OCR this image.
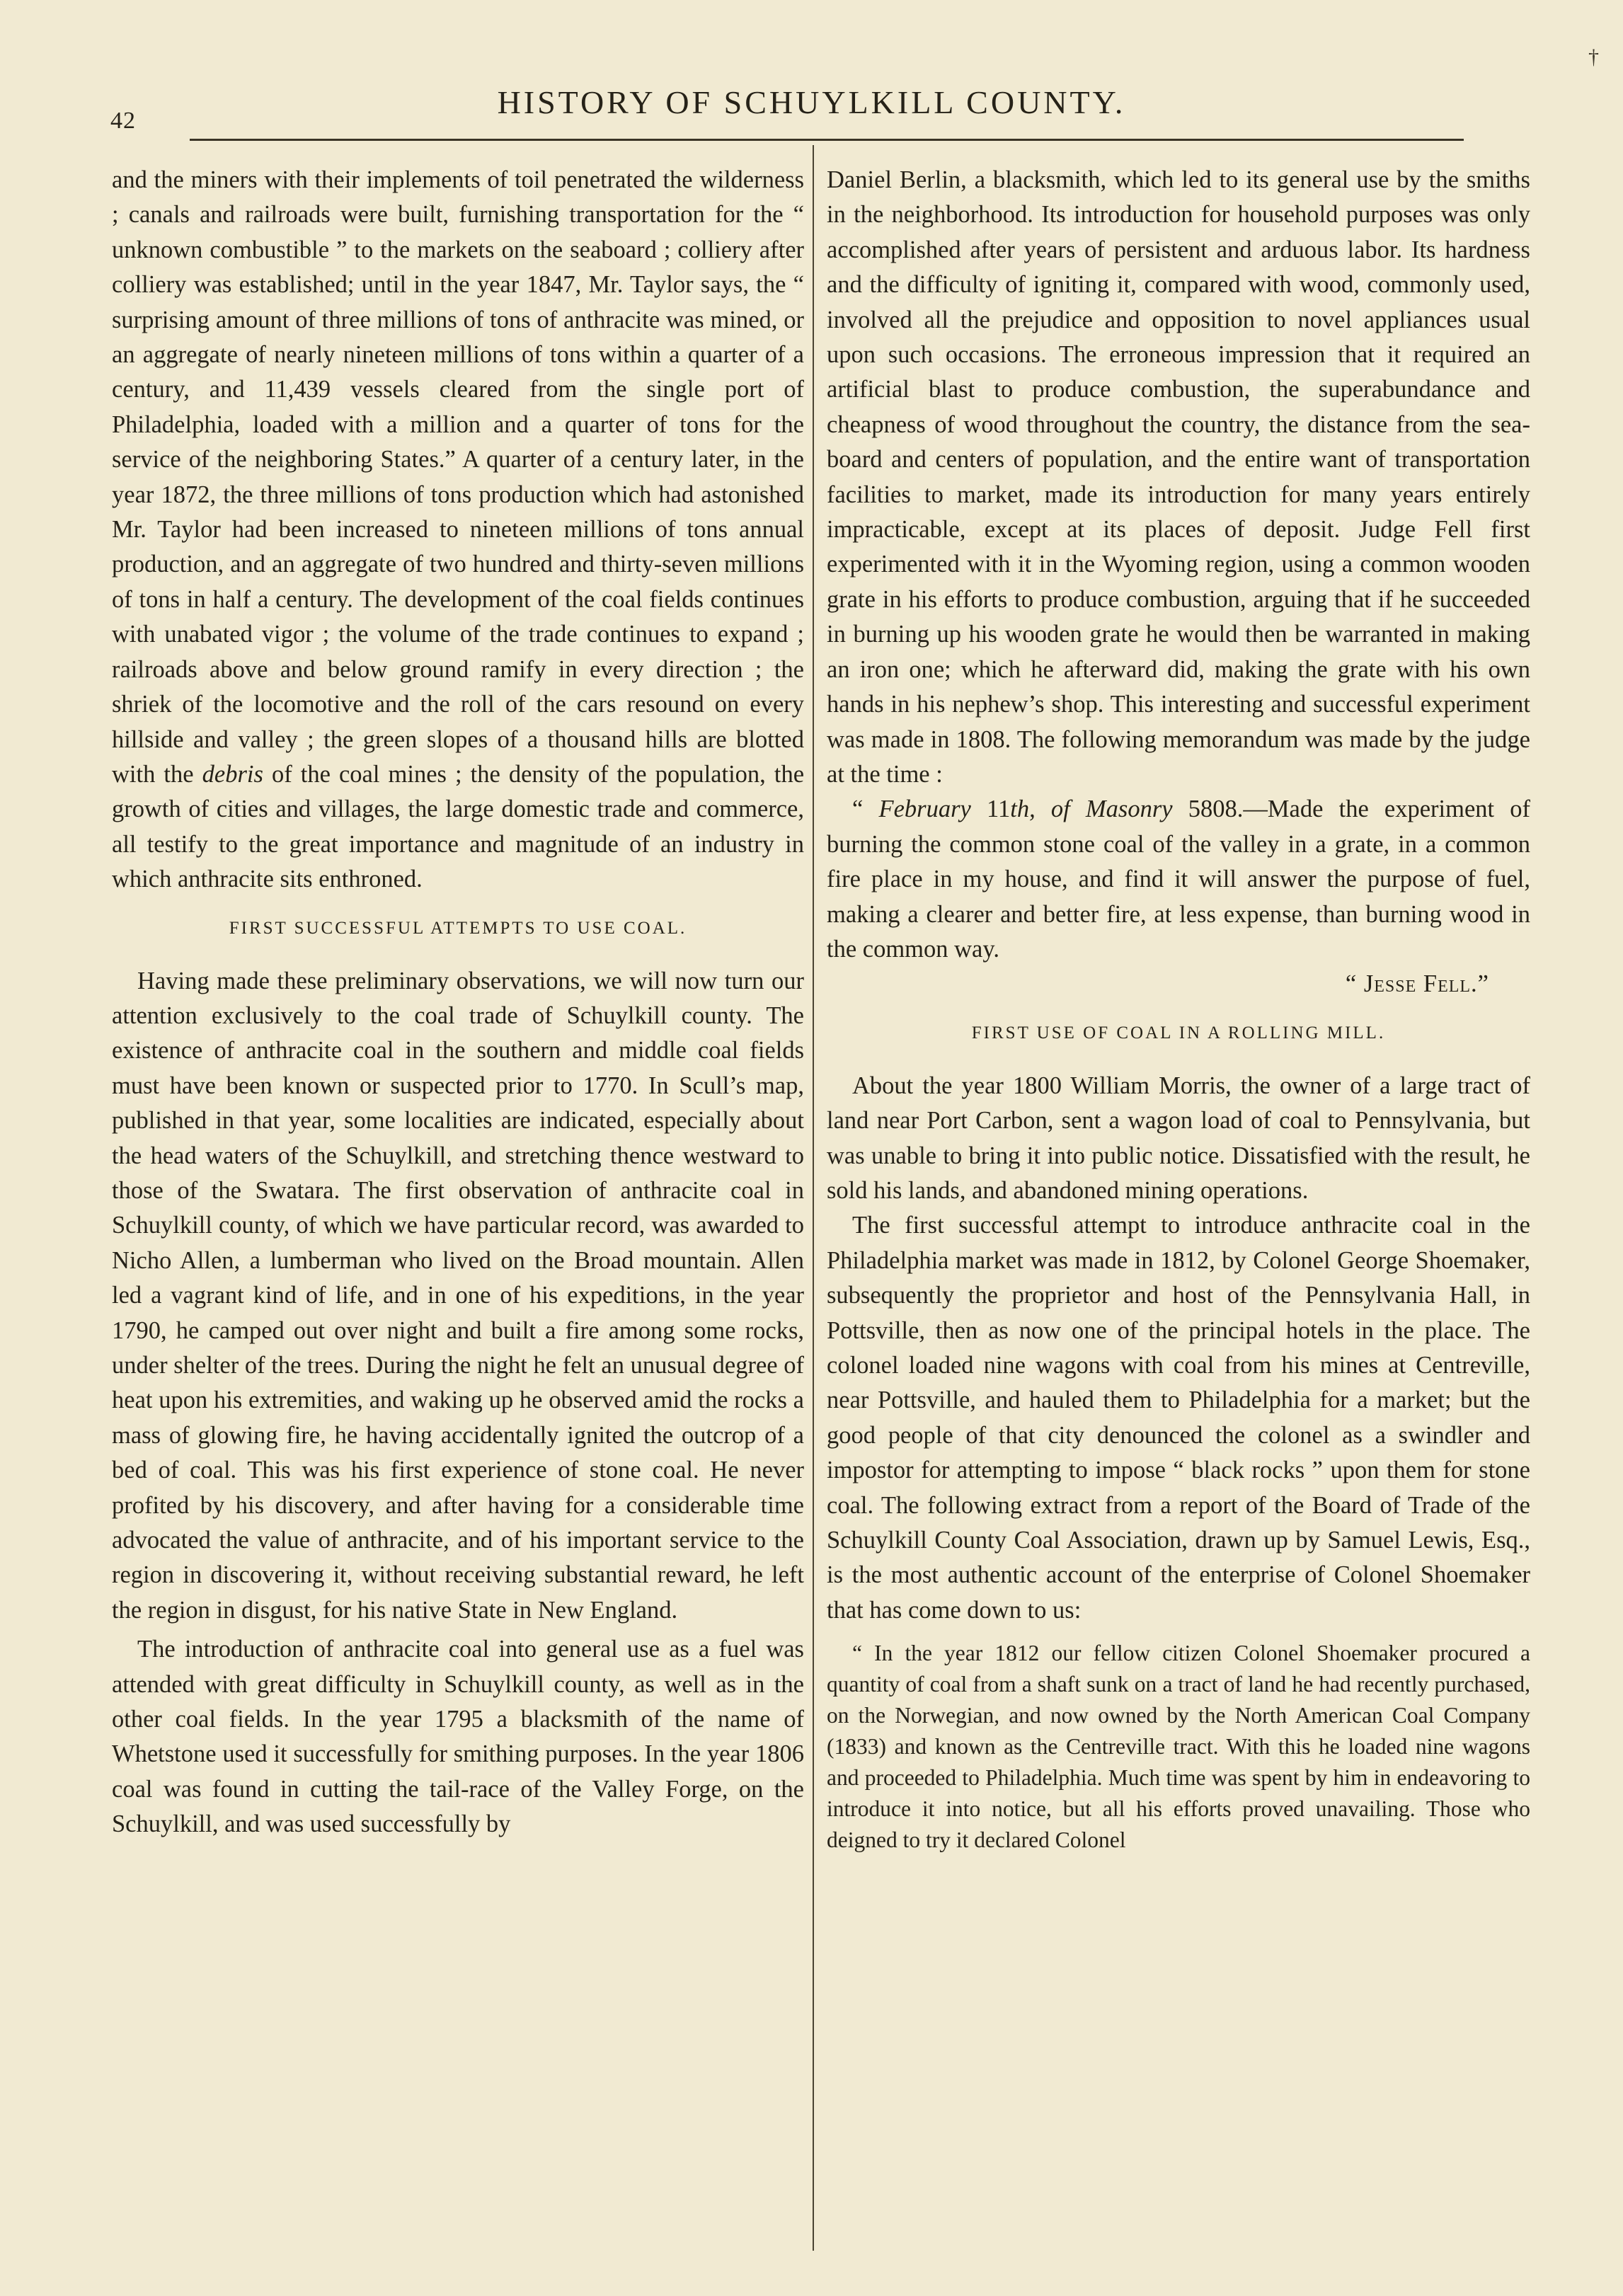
†
42
HISTORY OF SCHUYLKILL COUNTY.

and the miners with their implements of toil penetrated the wilderness ; canals and railroads were built, furnishing transportation for the “ unknown combustible ” to the markets on the seaboard ; colliery after colliery was established; until in the year 1847, Mr. Taylor says, the “ surprising amount of three millions of tons of anthracite was mined, or an aggregate of nearly nineteen millions of tons within a quarter of a century, and 11,439 vessels cleared from the single port of Philadelphia, loaded with a million and a quarter of tons for the service of the neighboring States.” A quarter of a century later, in the year 1872, the three millions of tons production which had astonished Mr. Taylor had been increased to nineteen millions of tons annual production, and an aggregate of two hundred and thirty-seven millions of tons in half a century. The development of the coal fields continues with unabated vigor ; the volume of the trade continues to expand ; railroads above and below ground ramify in every direction ; the shriek of the locomotive and the roll of the cars resound on every hillside and valley ; the green slopes of a thousand hills are blotted with the debris of the coal mines ; the density of the population, the growth of cities and villages, the large domestic trade and commerce, all testify to the great importance and magnitude of an industry in which anthracite sits enthroned.

FIRST SUCCESSFUL ATTEMPTS TO USE COAL.

Having made these preliminary observations, we will now turn our attention exclusively to the coal trade of Schuylkill county. The existence of anthracite coal in the southern and middle coal fields must have been known or suspected prior to 1770. In Scull’s map, published in that year, some localities are indicated, especially about the head waters of the Schuylkill, and stretching thence westward to those of the Swatara. The first observation of anthracite coal in Schuylkill county, of which we have particular record, was awarded to Nicho Allen, a lumberman who lived on the Broad mountain. Allen led a vagrant kind of life, and in one of his expeditions, in the year 1790, he camped out over night and built a fire among some rocks, under shelter of the trees. During the night he felt an unusual degree of heat upon his extremities, and waking up he observed amid the rocks a mass of glowing fire, he having accidentally ignited the outcrop of a bed of coal. This was his first experience of stone coal. He never profited by his discovery, and after having for a considerable time advocated the value of anthracite, and of his important service to the region in discovering it, without receiving substantial reward, he left the region in disgust, for his native State in New England.

The introduction of anthracite coal into general use as a fuel was attended with great difficulty in Schuylkill county, as well as in the other coal fields. In the year 1795 a blacksmith of the name of Whetstone used it successfully for smithing purposes. In the year 1806 coal was found in cutting the tail-race of the Valley Forge, on the Schuylkill, and was used successfully by

Daniel Berlin, a blacksmith, which led to its general use by the smiths in the neighborhood. Its introduction for household purposes was only accomplished after years of persistent and arduous labor. Its hardness and the difficulty of igniting it, compared with wood, commonly used, involved all the prejudice and opposition to novel appliances usual upon such occasions. The erroneous impression that it required an artificial blast to produce combustion, the superabundance and cheapness of wood throughout the country, the distance from the sea-board and centers of population, and the entire want of transportation facilities to market, made its introduction for many years entirely impracticable, except at its places of deposit. Judge Fell first experimented with it in the Wyoming region, using a common wooden grate in his efforts to produce combustion, arguing that if he succeeded in burning up his wooden grate he would then be warranted in making an iron one; which he afterward did, making the grate with his own hands in his nephew’s shop. This interesting and successful experiment was made in 1808. The following memorandum was made by the judge at the time :

“ February 11th, of Masonry 5808.—Made the experiment of burning the common stone coal of the valley in a grate, in a common fire place in my house, and find it will answer the purpose of fuel, making a clearer and better fire, at less expense, than burning wood in the common way.

“ Jesse Fell.”

FIRST USE OF COAL IN A ROLLING MILL.

About the year 1800 William Morris, the owner of a large tract of land near Port Carbon, sent a wagon load of coal to Pennsylvania, but was unable to bring it into public notice. Dissatisfied with the result, he sold his lands, and abandoned mining operations.

The first successful attempt to introduce anthracite coal in the Philadelphia market was made in 1812, by Colonel George Shoemaker, subsequently the proprietor and host of the Pennsylvania Hall, in Pottsville, then as now one of the principal hotels in the place. The colonel loaded nine wagons with coal from his mines at Centreville, near Pottsville, and hauled them to Philadelphia for a market; but the good people of that city denounced the colonel as a swindler and impostor for attempting to impose “ black rocks ” upon them for stone coal. The following extract from a report of the Board of Trade of the Schuylkill County Coal Association, drawn up by Samuel Lewis, Esq., is the most authentic account of the enterprise of Colonel Shoemaker that has come down to us:

“ In the year 1812 our fellow citizen Colonel Shoemaker procured a quantity of coal from a shaft sunk on a tract of land he had recently purchased, on the Norwegian, and now owned by the North American Coal Company (1833) and known as the Centreville tract. With this he loaded nine wagons and proceeded to Philadelphia. Much time was spent by him in endeavoring to introduce it into notice, but all his efforts proved unavailing. Those who deigned to try it declared Colonel
